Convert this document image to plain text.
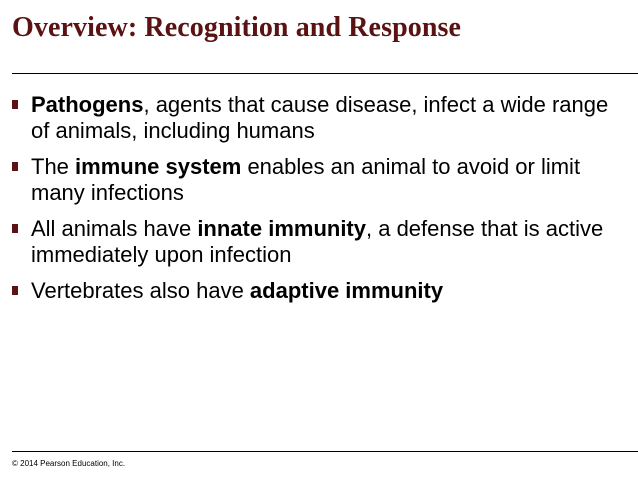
Overview: Recognition and Response
Pathogens, agents that cause disease, infect a wide range of animals, including humans
The immune system enables an animal to avoid or limit many infections
All animals have innate immunity, a defense that is active immediately upon infection
Vertebrates also have adaptive immunity
© 2014 Pearson Education, Inc.
